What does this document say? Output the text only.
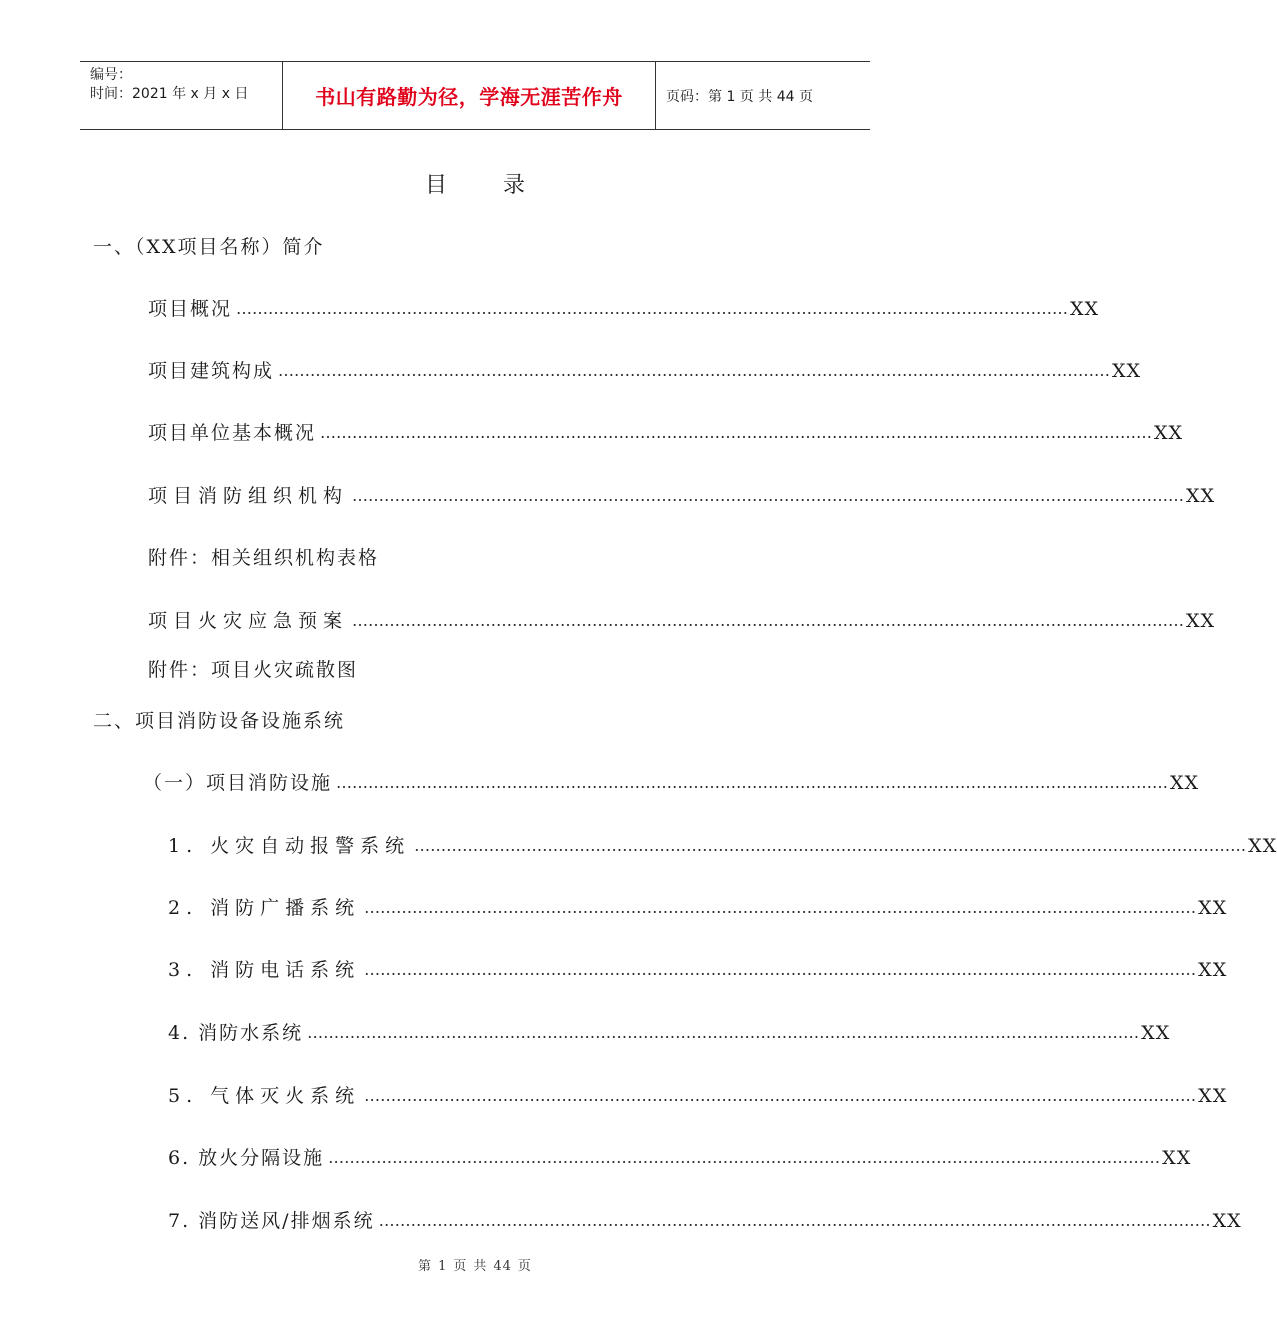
编号：
时间：2021 年 x 月 x 日	书山有路勤为径，学海无涯苦作舟	页码：第 1 页 共 44 页
目录
一、（XX项目名称）简介
项目概况 ………………………………………………………………………………………………………………………………………… XX
项目建筑构成 ………………………………………………………………………………………………………………………………………… XX
项目单位基本概况 ………………………………………………………………………………………………………………………………………… XX
项目消防组织机构 ………………………………………………………………………………………………………………………………………… XX
附件：相关组织机构表格
项目火灾应急预案 ………………………………………………………………………………………………………………………………………… XX
附件：项目火灾疏散图
二、项目消防设备设施系统
（一）项目消防设施 ………………………………………………………………………………………………………………………………………… XX
1. 火灾自动报警系统 ………………………………………………………………………………………………………………………………………… XX
2. 消防广播系统 ………………………………………………………………………………………………………………………………………… XX
3. 消防电话系统 ………………………………………………………………………………………………………………………………………… XX
4. 消防水系统 ………………………………………………………………………………………………………………………………………… XX
5. 气体灭火系统 ………………………………………………………………………………………………………………………………………… XX
6. 放火分隔设施 ………………………………………………………………………………………………………………………………………… XX
7. 消防送风/排烟系统 ………………………………………………………………………………………………………………………………………… XX
第 1 页 共 44 页
